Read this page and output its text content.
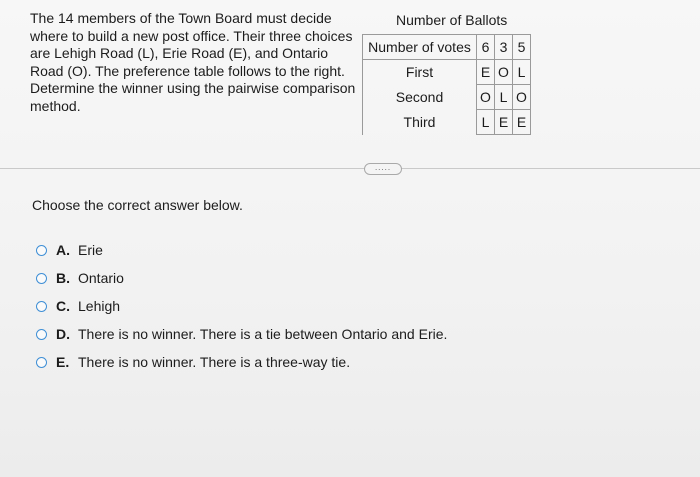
The 14 members of the Town Board must decide where to build a new post office. Their three choices are Lehigh Road (L), Erie Road (E), and Ontario Road (O). The preference table follows to the right. Determine the winner using the pairwise comparison method.
Number of Ballots
Number of votes	6	3	5
First	E	O	L
Second	O	L	O
Third	L	E	E
.....
Choose the correct answer below.
A. Erie
B. Ontario
C. Lehigh
D. There is no winner. There is a tie between Ontario and Erie.
E. There is no winner. There is a three-way tie.
